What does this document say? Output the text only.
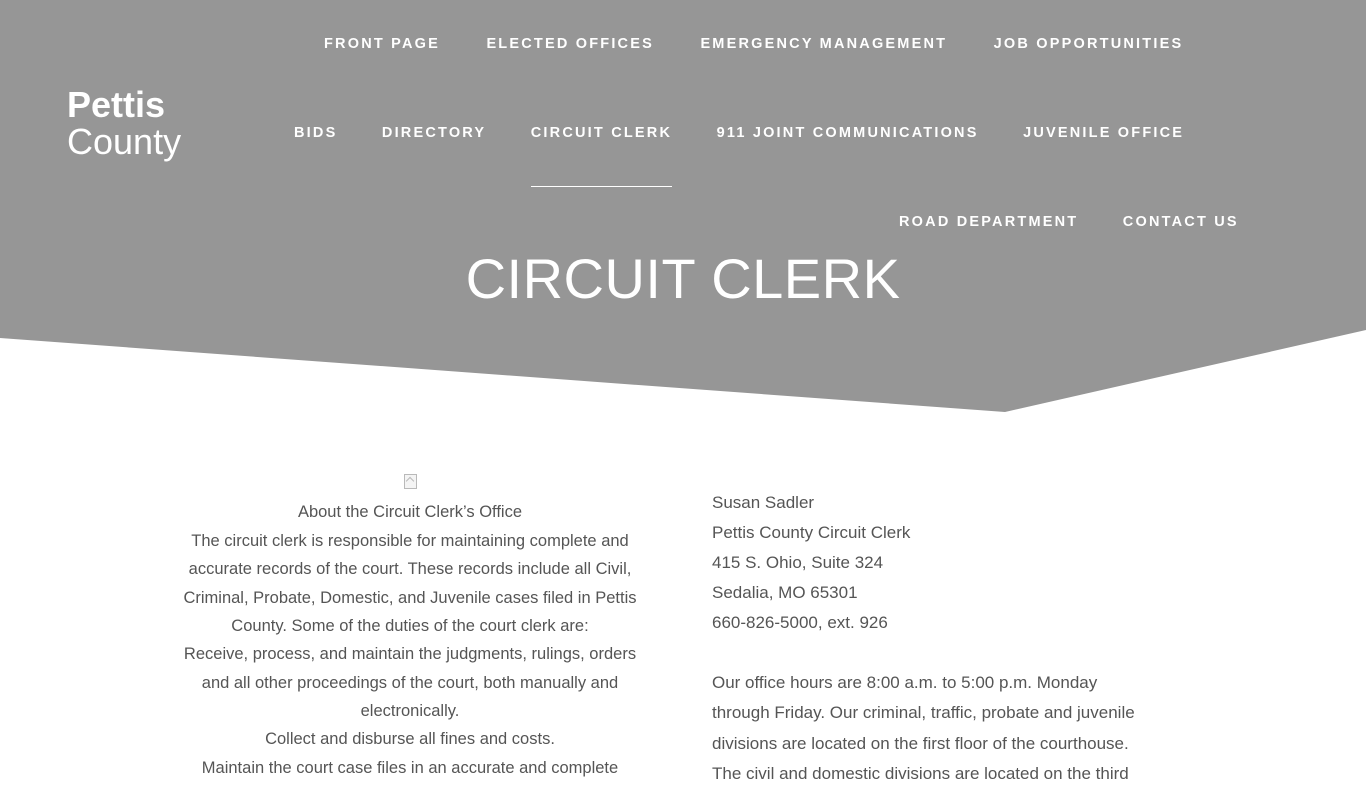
Pettis
County
FRONT PAGE	ELECTED OFFICES	EMERGENCY MANAGEMENT	JOB OPPORTUNITIES
BIDS	DIRECTORY	CIRCUIT CLERK	911 JOINT COMMUNICATIONS	JUVENILE OFFICE
ROAD DEPARTMENT	CONTACT US
CIRCUIT CLERK
About the Circuit Clerk’s Office
The circuit clerk is responsible for maintaining complete and
accurate records of the court. These records include all Civil,
Criminal, Probate, Domestic, and Juvenile cases filed in Pettis
County. Some of the duties of the court clerk are:
Receive, process, and maintain the judgments, rulings, orders
and all other proceedings of the court, both manually and
electronically.
Collect and disburse all fines and costs.
Maintain the court case files in an accurate and complete
Susan Sadler
Pettis County Circuit Clerk
415 S. Ohio, Suite 324
Sedalia, MO 65301
660-826-5000, ext. 926
Our office hours are 8:00 a.m. to 5:00 p.m. Monday
through Friday. Our criminal, traffic, probate and juvenile
divisions are located on the first floor of the courthouse.
The civil and domestic divisions are located on the third
